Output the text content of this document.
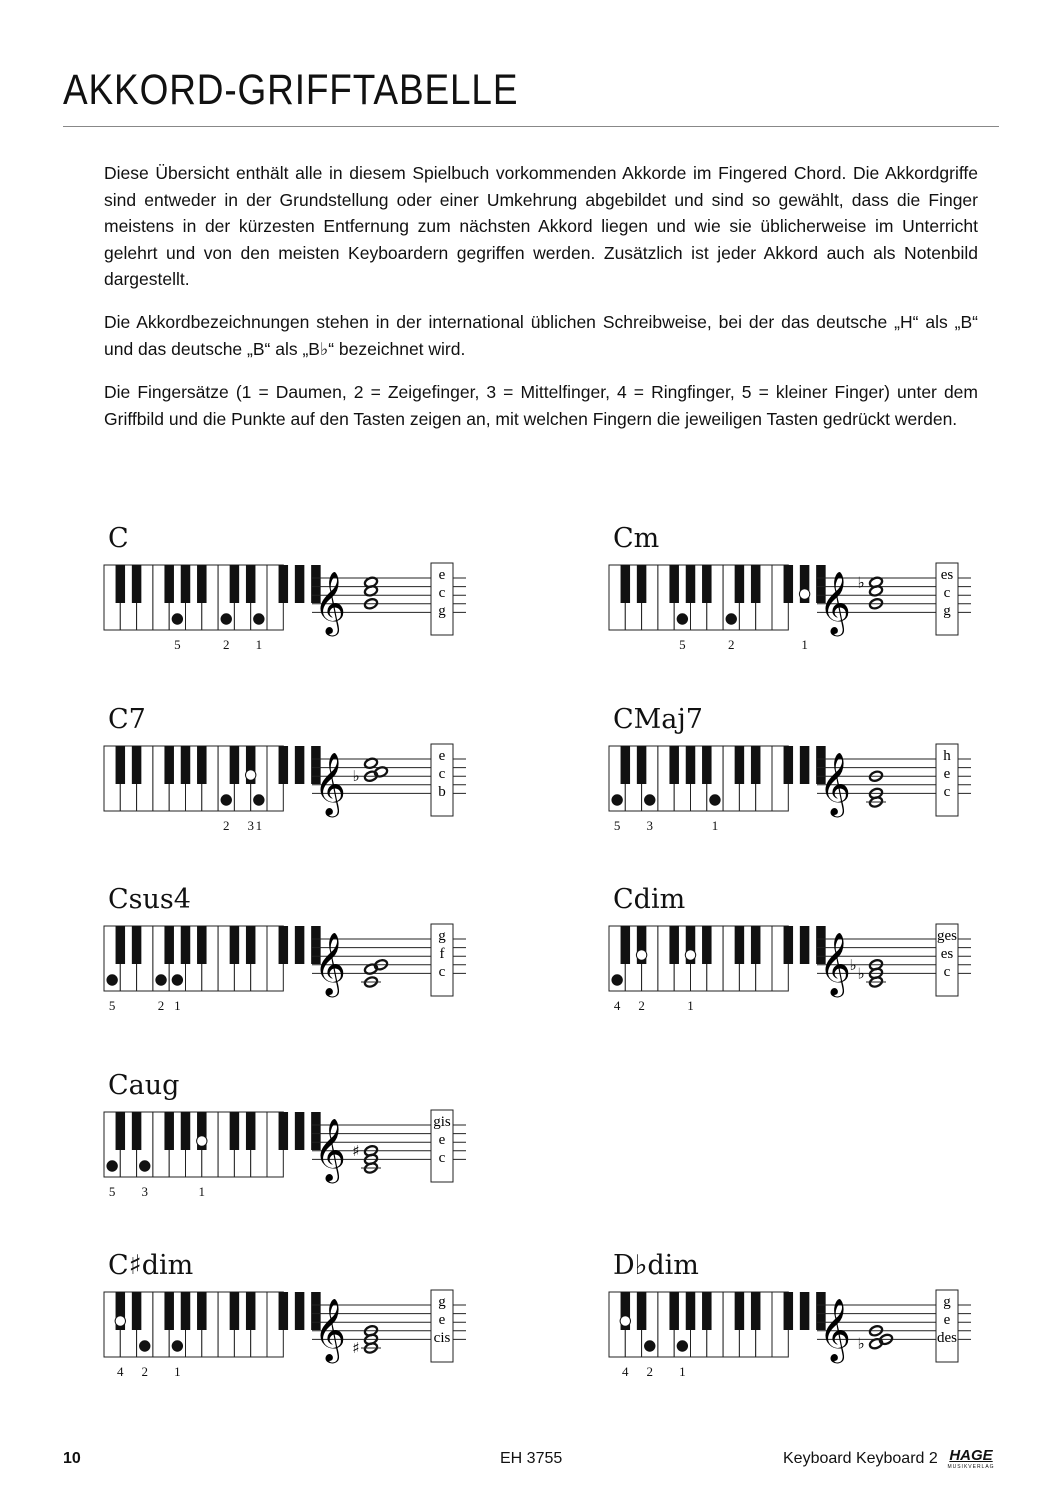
AKKORD-GRIFFTABELLE

Diese Übersicht enthält alle in diesem Spielbuch vorkommenden Akkorde im Fingered Chord. Die Akkordgriffe sind entweder in der Grundstellung oder einer Umkehrung abgebildet und sind so gewählt, dass die Finger meistens in der kürzesten Entfernung zum nächsten Akkord liegen und wie sie üblicherweise im Unterricht gelehrt und von den meisten Keyboardern gegriffen werden. Zusätzlich ist jeder Akkord auch als Notenbild dargestellt.

Die Akkordbezeichnungen stehen in der international üblichen Schreibweise, bei der das deutsche „H“ als „B“ und das deutsche „B“ als „B♭“ bezeichnet wird.

Die Fingersätze (1 = Daumen, 2 = Zeigefinger, 3 = Mittelfinger, 4 = Ringfinger, 5 = kleiner Finger) unter dem Griffbild und die Punkte auf den Tasten zeigen an, mit welchen Fingern die jeweiligen Tasten gedrückt werden.

C
𝄞	e
c
g
5	2 1
Cm
𝄞 ♭	es
c
g
5	2	1
C7
𝄞 ♭
e
c
b
3
2 1
CMaj7
𝄞	h
e
c
5 3	1
Csus4
𝄞	g
f
c
5	2 1
Cdim
𝄞 ♭
♭
ges
es
c
4 2	1
Caug
𝄞 ♯
gis
e
c
5 3	1
C♯dim
𝄞 ♯
g
e
cis
4 2 1
D♭dim
𝄞 ♭
g
e
des
4 2 1
10	EH 3755	Keyboard Keyboard 2 HAGE
MUSIKVERLAG
